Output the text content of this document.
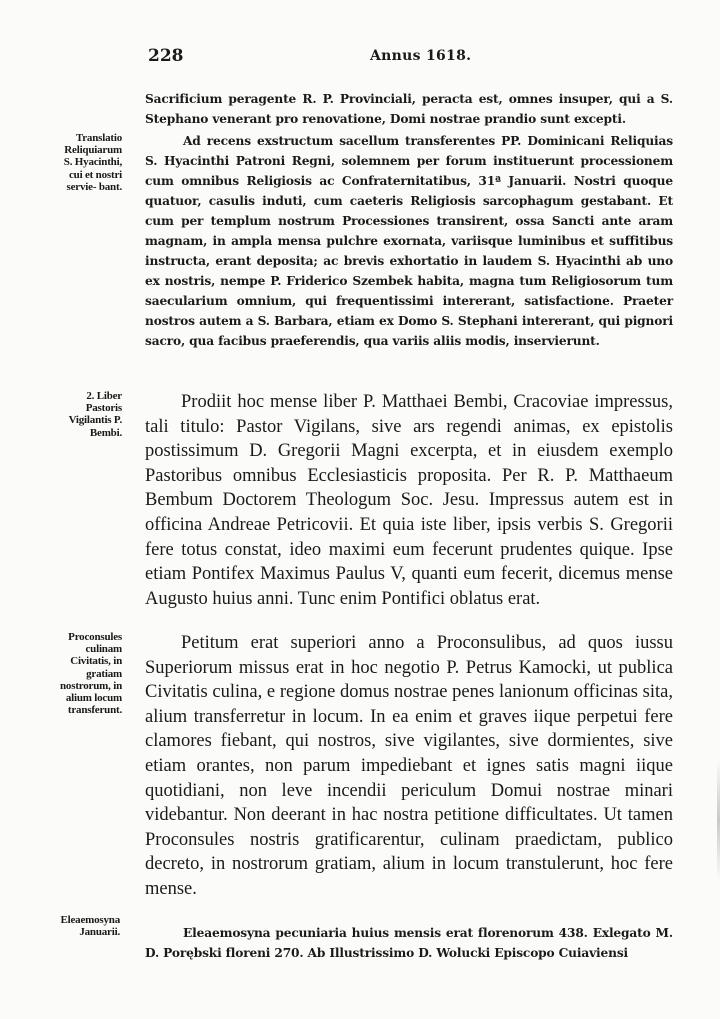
228	Annus 1618.

Sacrificium peragente R. P. Provinciali, peracta est, omnes insuper, qui a S. Stephano venerant pro renovatione, Domi nostrae prandio sunt excepti.

Translatio Reliquiarum S. Hyacinthi, cui et nostri servie- bant.

Ad recens exstructum sacellum transferentes PP. Dominicani Reliquias S. Hyacinthi Patroni Regni, solemnem per forum instituerunt processionem cum omnibus Religiosis ac Confraternitatibus, 31ª Januarii. Nostri quoque quatuor, casulis induti, cum caeteris Religiosis sarcophagum gestabant. Et cum per templum nostrum Processiones transirent, ossa Sancti ante aram magnam, in ampla mensa pulchre exornata, variisque luminibus et suffitibus instructa, erant deposita; ac brevis exhortatio in laudem S. Hyacinthi ab uno ex nostris, nempe P. Friderico Szembek habita, magna tum Religiosorum tum saecularium omnium, qui frequentissimi intererant, satisfactione. Praeter nostros autem a S. Barbara, etiam ex Domo S. Stephani intererant, qui pignori sacro, qua facibus praeferendis, qua variis aliis modis, inservierunt.

2. Liber Pastoris Vigilantis P. Bembi.

Prodiit hoc mense liber P. Matthaei Bembi, Cracoviae impressus, tali titulo: Pastor Vigilans, sive ars regendi animas, ex epistolis postissimum D. Gregorii Magni excerpta, et in eiusdem exemplo Pastoribus omnibus Ecclesiasticis proposita. Per R. P. Matthaeum Bembum Doctorem Theologum Soc. Jesu. Impressus autem est in officina Andreae Petricovii. Et quia iste liber, ipsis verbis S. Gregorii fere totus constat, ideo maximi eum fecerunt prudentes quique. Ipse etiam Pontifex Maximus Paulus V, quanti eum fecerit, dicemus mense Augusto huius anni. Tunc enim Pontifici oblatus erat.

Proconsules culinam Civitatis, in gratiam nostrorum, in alium locum transferunt.

Petitum erat superiori anno a Proconsulibus, ad quos iussu Superiorum missus erat in hoc negotio P. Petrus Kamocki, ut publica Civitatis culina, e regione domus nostrae penes lanionum officinas sita, alium transferretur in locum. In ea enim et graves iique perpetui fere clamores fiebant, qui nostros, sive vigilantes, sive dormientes, sive etiam orantes, non parum impediebant et ignes satis magni iique quotidiani, non leve incendii periculum Domui nostrae minari videbantur. Non deerant in hac nostra petitione difficultates. Ut tamen Proconsules nostris gratificarentur, culinam praedictam, publico decreto, in nostrorum gratiam, alium in locum transtulerunt, hoc fere mense.

Eleaemosyna Januarii.	Eleaemosyna pecuniaria huius mensis erat florenorum 438. Exlegato M. D. Porębski floreni 270. Ab Illustrissimo D. Wolucki Episcopo Cuiaviensi
